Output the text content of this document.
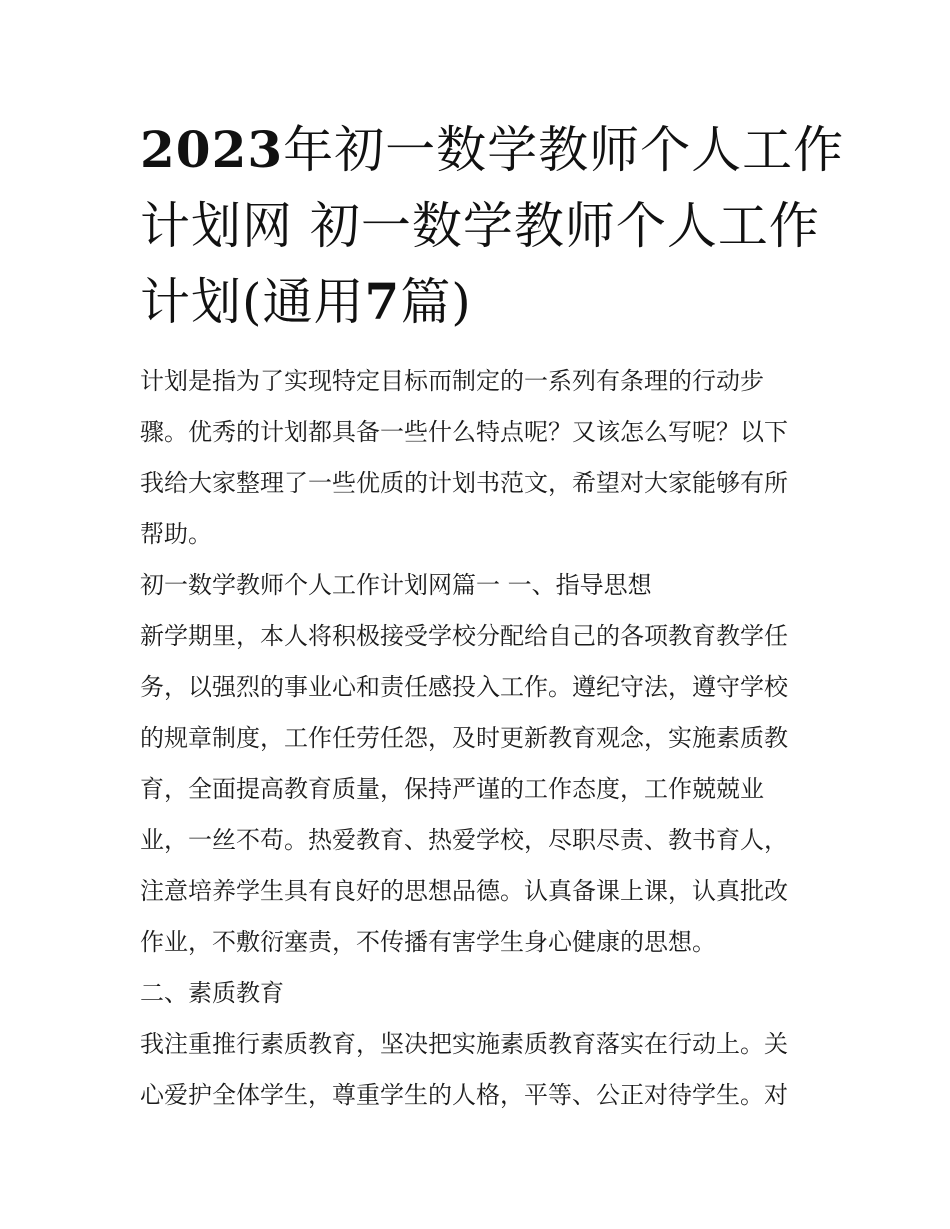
2023年初一数学教师个人工作
计划网 初一数学教师个人工作
计划(通用7篇)
计划是指为了实现特定目标而制定的一系列有条理的行动步
骤。优秀的计划都具备一些什么特点呢？又该怎么写呢？以下
我给大家整理了一些优质的计划书范文，希望对大家能够有所
帮助。
初一数学教师个人工作计划网篇一 一、指导思想
新学期里，本人将积极接受学校分配给自己的各项教育教学任
务，以强烈的事业心和责任感投入工作。遵纪守法，遵守学校
的规章制度，工作任劳任怨，及时更新教育观念，实施素质教
育，全面提高教育质量，保持严谨的工作态度，工作兢兢业
业，一丝不苟。热爱教育、热爱学校，尽职尽责、教书育人，
注意培养学生具有良好的思想品德。认真备课上课，认真批改
作业，不敷衍塞责，不传播有害学生身心健康的思想。
二、素质教育
我注重推行素质教育，坚决把实施素质教育落实在行动上。关
心爱护全体学生，尊重学生的人格，平等、公正对待学生。对
